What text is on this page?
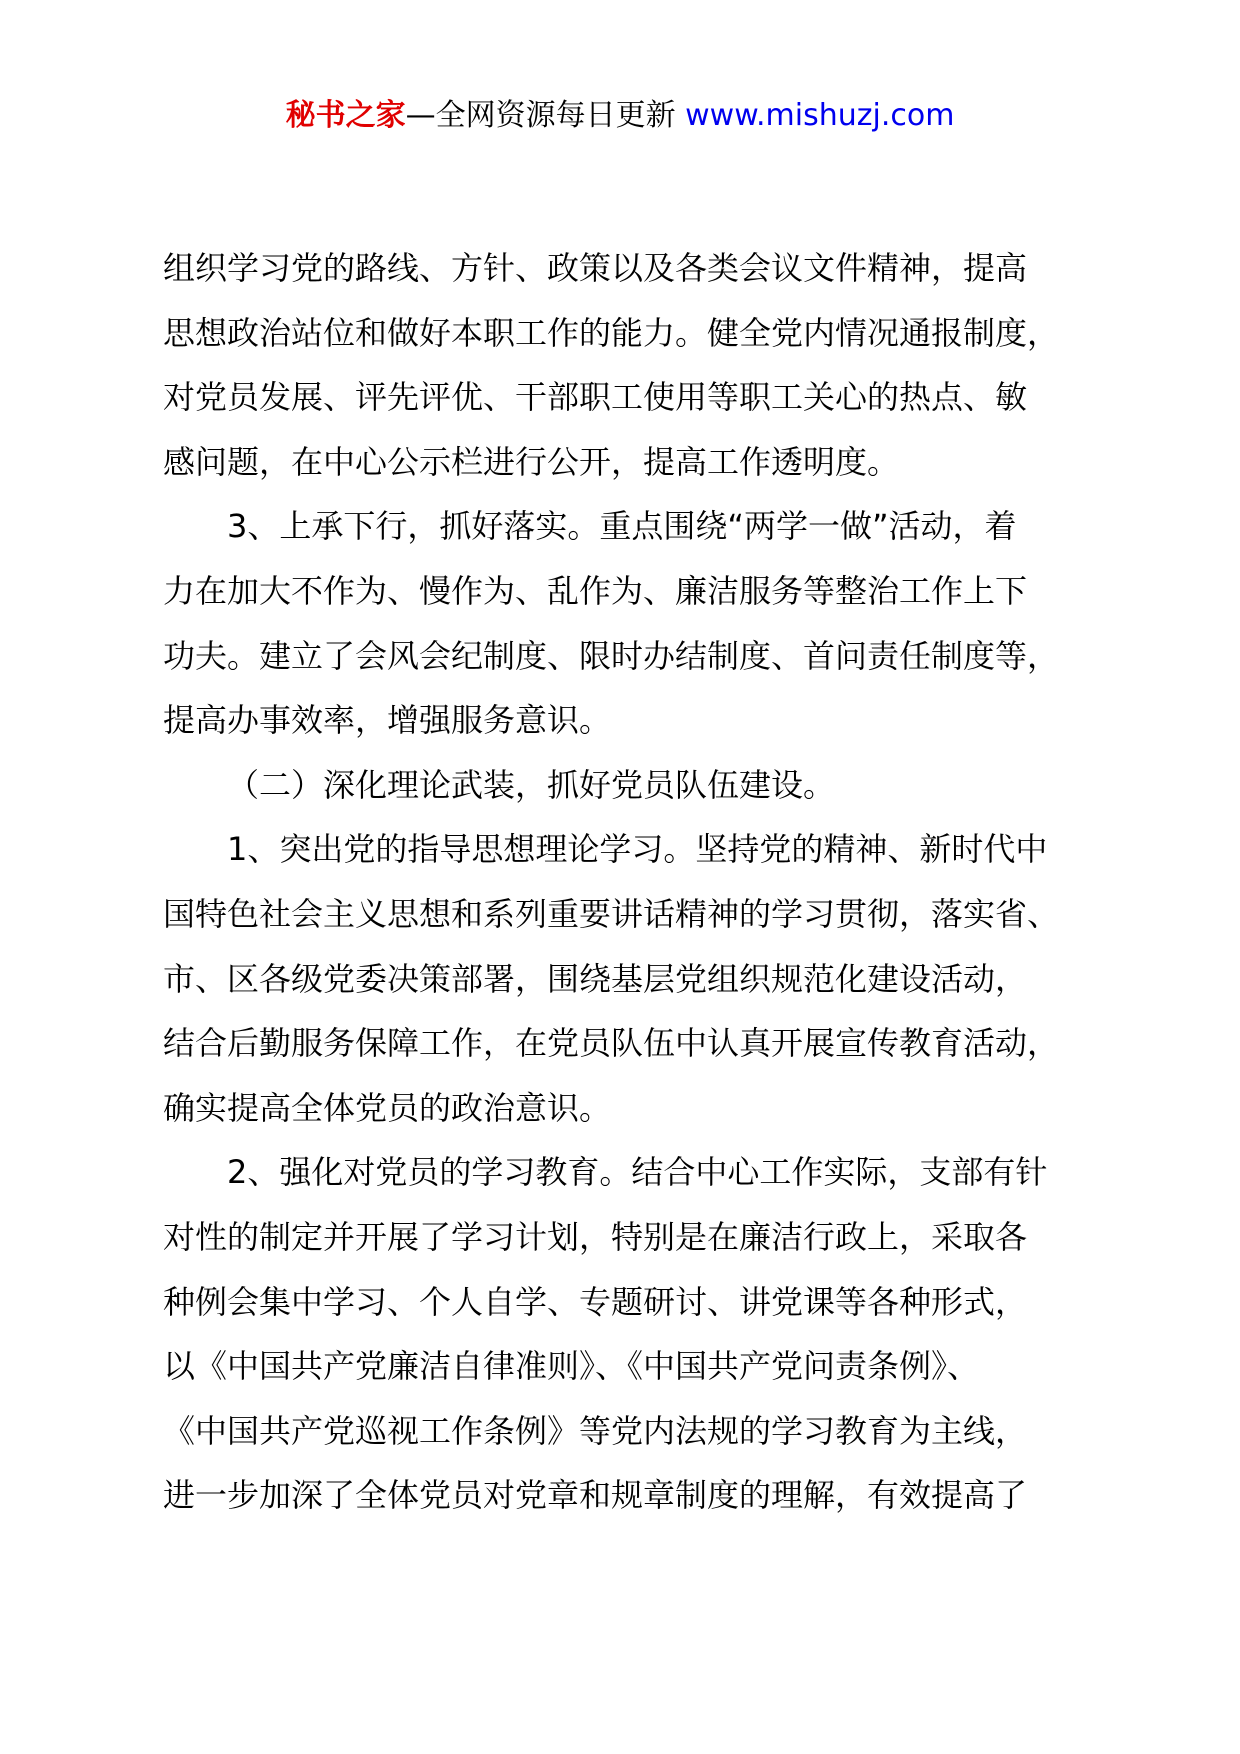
秘书之家—全网资源每日更新 www.mishuzj.com
组织学习党的路线、方针、政策以及各类会议文件精神，提高
思想政治站位和做好本职工作的能力。健全党内情况通报制度，
对党员发展、评先评优、干部职工使用等职工关心的热点、敏
感问题，在中心公示栏进行公开，提高工作透明度。
3、上承下行，抓好落实。重点围绕“两学一做”活动，着
力在加大不作为、慢作为、乱作为、廉洁服务等整治工作上下
功夫。建立了会风会纪制度、限时办结制度、首问责任制度等，
提高办事效率，增强服务意识。
（二）深化理论武装，抓好党员队伍建设。
1、突出党的指导思想理论学习。坚持党的精神、新时代中
国特色社会主义思想和系列重要讲话精神的学习贯彻，落实省、
市、区各级党委决策部署，围绕基层党组织规范化建设活动，
结合后勤服务保障工作，在党员队伍中认真开展宣传教育活动，
确实提高全体党员的政治意识。
2、强化对党员的学习教育。结合中心工作实际，支部有针
对性的制定并开展了学习计划，特别是在廉洁行政上，采取各
种例会集中学习、个人自学、专题研讨、讲党课等各种形式，
以《中国共产党廉洁自律准则》、《中国共产党问责条例》、
《中国共产党巡视工作条例》等党内法规的学习教育为主线，
进一步加深了全体党员对党章和规章制度的理解，有效提高了
